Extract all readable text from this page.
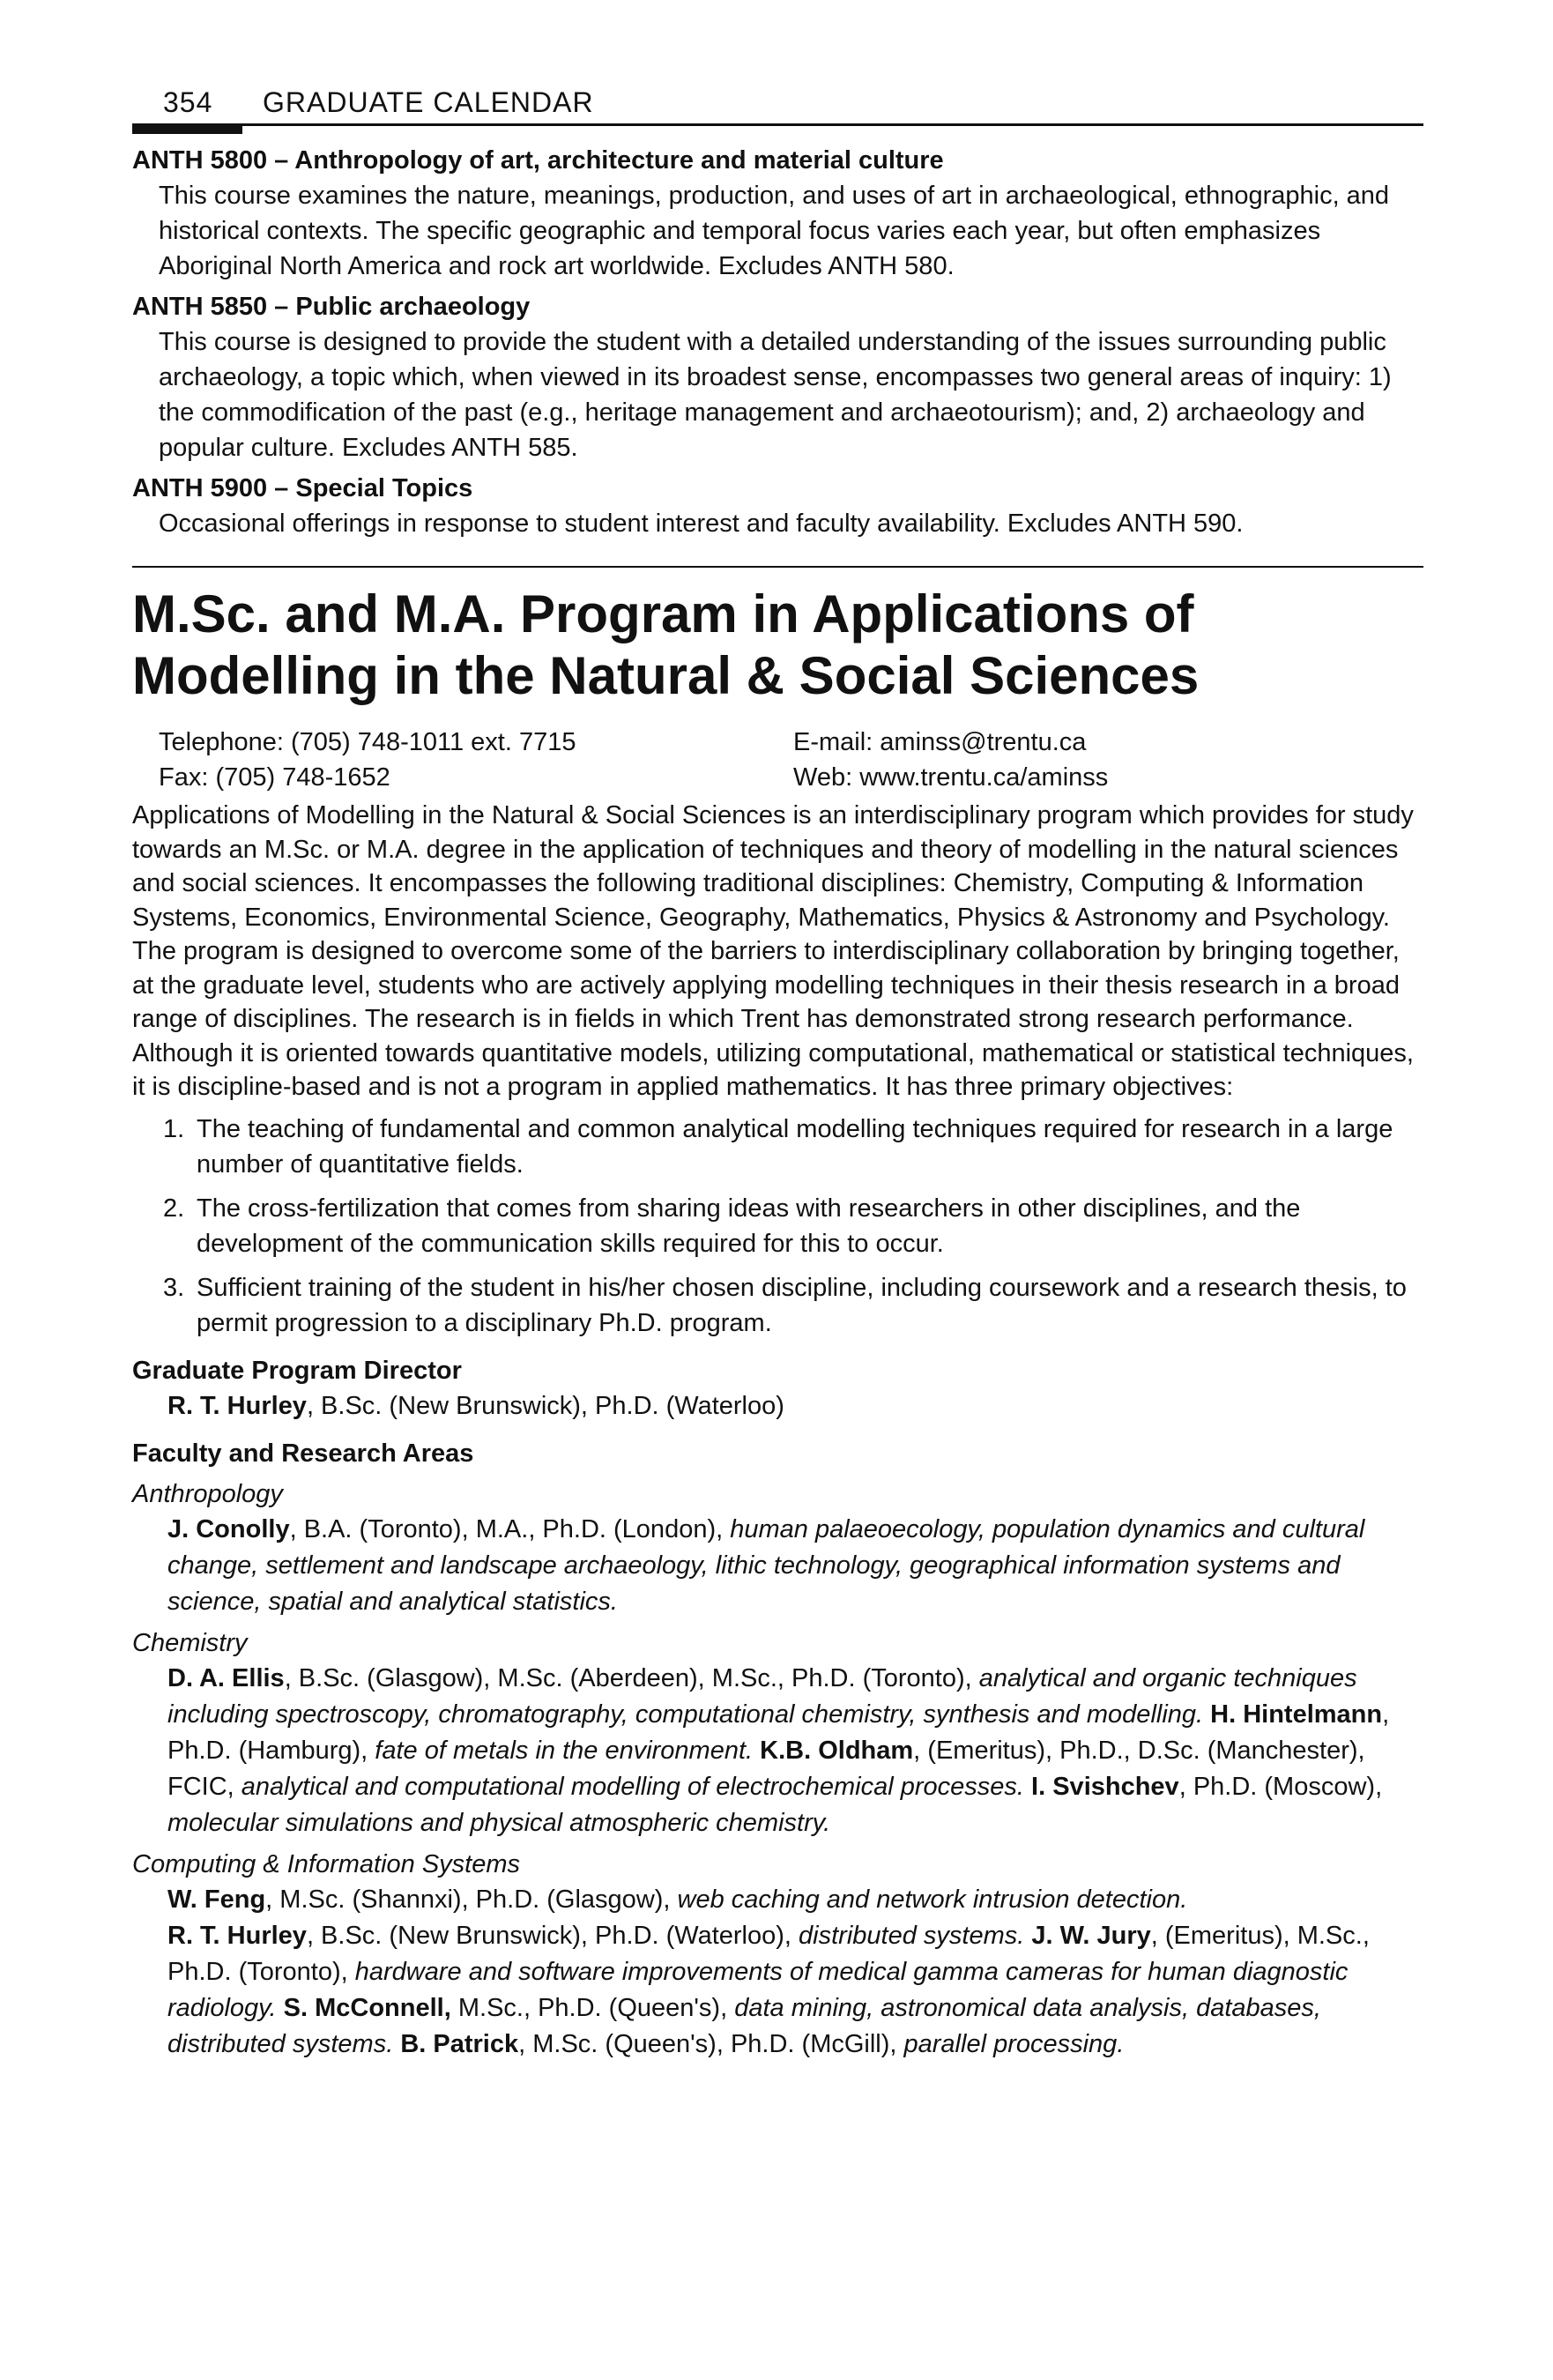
354 GRADUATE CALENDAR
ANTH 5800 – Anthropology of art, architecture and material culture
This course examines the nature, meanings, production, and uses of art in archaeological, ethnographic, and historical contexts. The specific geographic and temporal focus varies each year, but often emphasizes Aboriginal North America and rock art worldwide. Excludes ANTH 580.
ANTH 5850 – Public archaeology
This course is designed to provide the student with a detailed understanding of the issues surrounding public archaeology, a topic which, when viewed in its broadest sense, encompasses two general areas of inquiry: 1) the commodification of the past (e.g., heritage management and archaeotourism); and, 2) archaeology and popular culture. Excludes ANTH 585.
ANTH 5900 – Special Topics
Occasional offerings in response to student interest and faculty availability. Excludes ANTH 590.
M.Sc. and M.A. Program in Applications of Modelling in the Natural & Social Sciences
Telephone: (705) 748-1011 ext. 7715	E-mail: aminss@trentu.ca
Fax: (705) 748-1652	Web: www.trentu.ca/aminss
Applications of Modelling in the Natural & Social Sciences is an interdisciplinary program which provides for study towards an M.Sc. or M.A. degree in the application of techniques and theory of modelling in the natural sciences and social sciences. It encompasses the following traditional disciplines: Chemistry, Computing & Information Systems, Economics, Environmental Science, Geography, Mathematics, Physics & Astronomy and Psychology. The program is designed to overcome some of the barriers to interdisciplinary collaboration by bringing together, at the graduate level, students who are actively applying modelling techniques in their thesis research in a broad range of disciplines. The research is in fields in which Trent has demonstrated strong research performance. Although it is oriented towards quantitative models, utilizing computational, mathematical or statistical techniques, it is discipline-based and is not a program in applied mathematics. It has three primary objectives:
1. The teaching of fundamental and common analytical modelling techniques required for research in a large number of quantitative fields.
2. The cross-fertilization that comes from sharing ideas with researchers in other disciplines, and the development of the communication skills required for this to occur.
3. Sufficient training of the student in his/her chosen discipline, including coursework and a research thesis, to permit progression to a disciplinary Ph.D. program.
Graduate Program Director
R. T. Hurley, B.Sc. (New Brunswick), Ph.D. (Waterloo)
Faculty and Research Areas
Anthropology
J. Conolly, B.A. (Toronto), M.A., Ph.D. (London), human palaeoecology, population dynamics and cultural change, settlement and landscape archaeology, lithic technology, geographical information systems and science, spatial and analytical statistics.
Chemistry
D. A. Ellis, B.Sc. (Glasgow), M.Sc. (Aberdeen), M.Sc., Ph.D. (Toronto), analytical and organic techniques including spectroscopy, chromatography, computational chemistry, synthesis and modelling. H. Hintelmann, Ph.D. (Hamburg), fate of metals in the environment. K.B. Oldham, (Emeritus), Ph.D., D.Sc. (Manchester), FCIC, analytical and computational modelling of electrochemical processes. I. Svishchev, Ph.D. (Moscow), molecular simulations and physical atmospheric chemistry.
Computing & Information Systems
W. Feng, M.Sc. (Shannxi), Ph.D. (Glasgow), web caching and network intrusion detection.
R. T. Hurley, B.Sc. (New Brunswick), Ph.D. (Waterloo), distributed systems. J. W. Jury, (Emeritus), M.Sc., Ph.D. (Toronto), hardware and software improvements of medical gamma cameras for human diagnostic radiology. S. McConnell, M.Sc., Ph.D. (Queen's), data mining, astronomical data analysis, databases, distributed systems. B. Patrick, M.Sc. (Queen's), Ph.D. (McGill), parallel processing.
